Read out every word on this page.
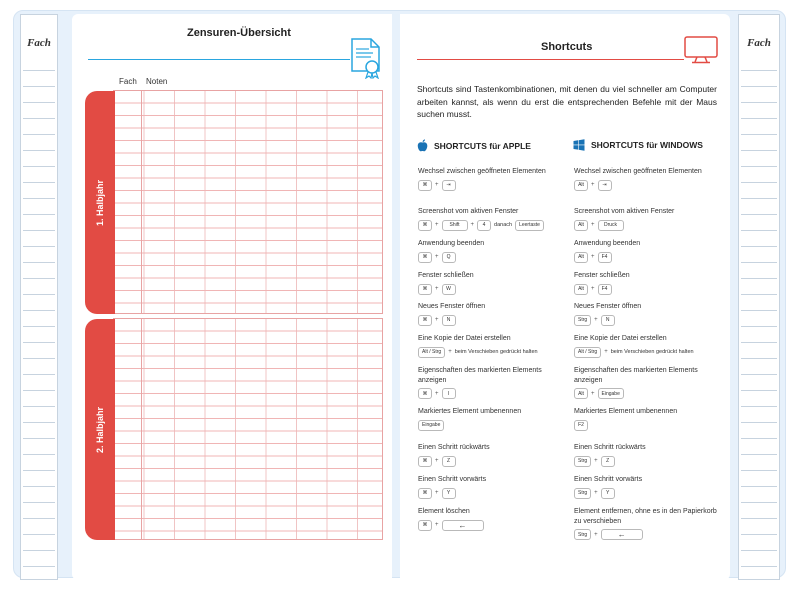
Fach	Fach
Zensuren-Übersicht
Fach Noten
1. Halbjahr
2. Halbjahr
Shortcuts
Shortcuts sind Tastenkombinationen, mit denen du viel schneller am Computer arbeiten kannst, als wenn du erst die entsprechenden Befehle mit der Maus suchen musst.
SHORTCUTS für APPLE	SHORTCUTS für WINDOWS
Wechsel zwischen geöffneten Elementen
⌘	+	⇥
Screenshot vom aktiven Fenster
⌘	+	Shift	+	4	danach	Leertaste
Anwendung beenden
⌘	+	Q
Fenster schließen
⌘	+	W
Neues Fenster öffnen
⌘	+	N
Eine Kopie der Datei erstellen
Alt / Strg	+ beim Verschieben gedrückt halten
Eigenschaften des markierten Elements anzeigen
⌘	+	I
Markiertes Element umbenennen
Eingabe
Einen Schritt rückwärts
⌘	+	Z
Einen Schritt vorwärts
⌘	+	Y
Element löschen
⌘	+	←
Wechsel zwischen geöffneten Elementen
Alt	+	⇥
Screenshot vom aktiven Fenster
Alt	+	Druck
Anwendung beenden
Alt	+	F4
Fenster schließen
Alt	+	F4
Neues Fenster öffnen
Strg	+	N
Eine Kopie der Datei erstellen
Alt / Strg	+ beim Verschieben gedrückt halten
Eigenschaften des markierten Elements anzeigen
Alt	+	Eingabe
Markiertes Element umbenennen
F2
Einen Schritt rückwärts
Strg	+	Z
Einen Schritt vorwärts
Strg	+	Y
Element entfernen, ohne es in den Papierkorb zu verschieben
Strg	+	←
